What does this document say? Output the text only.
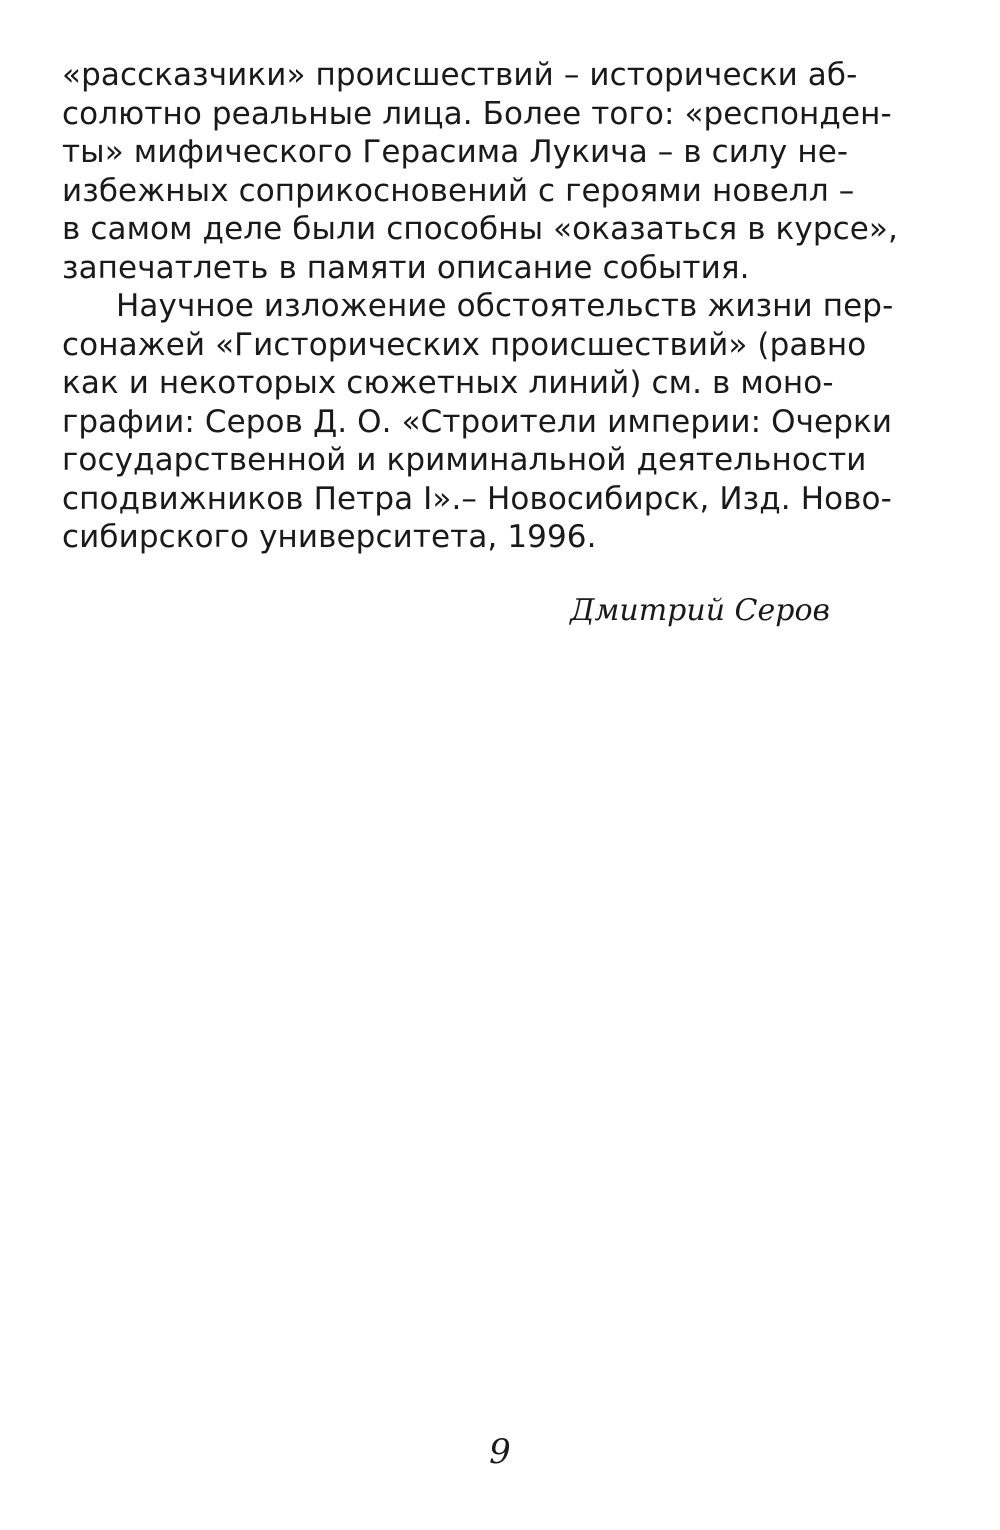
«рассказчики» происшествий – исторически аб-
солютно реальные лица. Более того: «респонден-
ты» мифического Герасима Лукича – в силу не-
избежных соприкосновений с героями новелл –
в самом деле были способны «оказаться в курсе»,
запечатлеть в памяти описание события.
Научное изложение обстоятельств жизни пер-
сонажей «Гисторических происшествий» (равно
как и некоторых сюжетных линий) см. в моно-
графии: Серов Д. О. «Строители империи: Очерки
государственной и криминальной деятельности
сподвижников Петра I».– Новосибирск, Изд. Ново-
сибирского университета, 1996.
Дмитрий Серов
9
